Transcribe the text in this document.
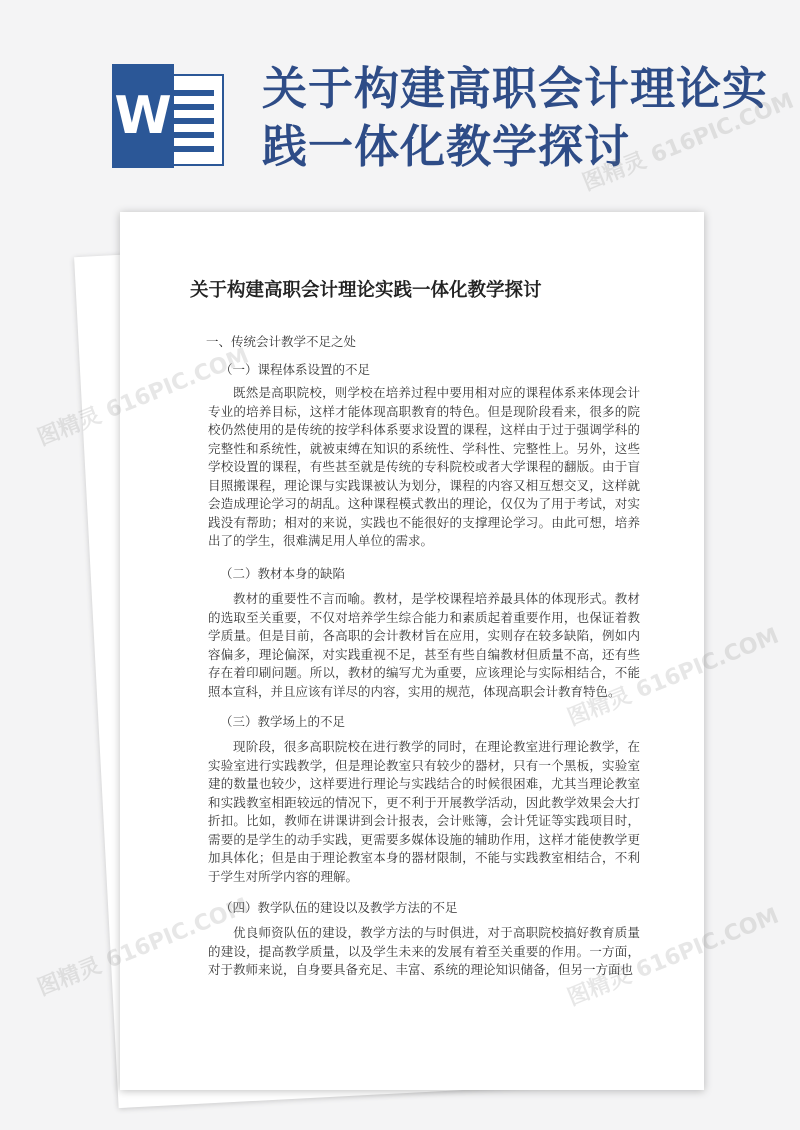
W 关于构建高职会计理论实践一体化教学探讨
关于构建高职会计理论实践一体化教学探讨

一、传统会计教学不足之处

（一）课程体系设置的不足

既然是高职院校，则学校在培养过程中要用相对应的课程体系来体现会计专业的培养目标，这样才能体现高职教育的特色。但是现阶段看来，很多的院校仍然使用的是传统的按学科体系要求设置的课程，这样由于过于强调学科的完整性和系统性，就被束缚在知识的系统性、学科性、完整性上。另外，这些学校设置的课程，有些甚至就是传统的专科院校或者大学课程的翻版。由于盲目照搬课程，理论课与实践课被认为划分，课程的内容又相互想交叉，这样就会造成理论学习的胡乱。这种课程模式教出的理论，仅仅为了用于考试，对实践没有帮助；相对的来说，实践也不能很好的支撑理论学习。由此可想，培养出了的学生，很难满足用人单位的需求。

（二）教材本身的缺陷

教材的重要性不言而喻。教材，是学校课程培养最具体的体现形式。教材的选取至关重要，不仅对培养学生综合能力和素质起着重要作用，也保证着教学质量。但是目前，各高职的会计教材旨在应用，实则存在较多缺陷，例如内容偏多，理论偏深，对实践重视不足，甚至有些自编教材但质量不高，还有些存在着印刷问题。所以，教材的编写尤为重要，应该理论与实际相结合，不能照本宣科，并且应该有详尽的内容，实用的规范，体现高职会计教育特色。

（三）教学场上的不足

现阶段，很多高职院校在进行教学的同时，在理论教室进行理论教学，在实验室进行实践教学，但是理论教室只有较少的器材，只有一个黑板，实验室建的数量也较少，这样要进行理论与实践结合的时候很困难，尤其当理论教室和实践教室相距较远的情况下，更不利于开展教学活动，因此教学效果会大打折扣。比如，教师在讲课讲到会计报表，会计账簿，会计凭证等实践项目时，需要的是学生的动手实践，更需要多媒体设施的辅助作用，这样才能使教学更加具体化；但是由于理论教室本身的器材限制，不能与实践教室相结合，不利于学生对所学内容的理解。

（四）教学队伍的建设以及教学方法的不足

优良师资队伍的建设，教学方法的与时俱进，对于高职院校搞好教育质量的建设，提高教学质量，以及学生未来的发展有着至关重要的作用。一方面，对于教师来说，自身要具备充足、丰富、系统的理论知识储备，但另一方面也

图精灵 616PIC.COM
图精灵
616PIC.COM
图精灵	616PIC.COM
